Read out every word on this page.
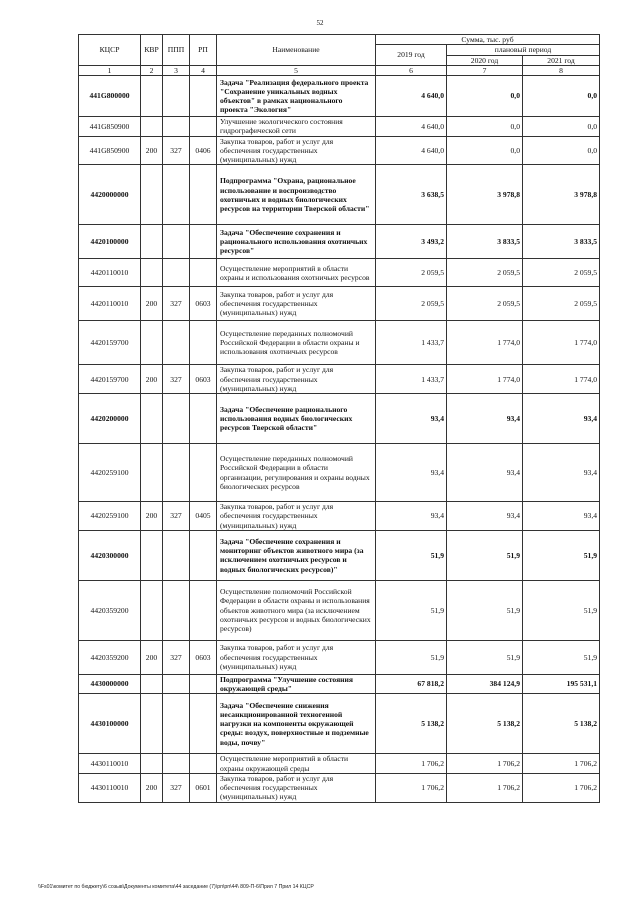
52
КЦСР	КВР	ППП	РП	Наименование	Сумма, тыс. руб		
					2019 год	плановый период	
						2020 год	2021 год
1	2	3	4	5	6	7	8
441G800000				Задача "Реализация федерального проекта "Сохранение уникальных водных объектов" в рамках национального проекта "Экология"	4 640,0	0,0	0,0
441G850900				Улучшение экологического состояния гидрографической сети	4 640,0	0,0	0,0
441G850900	200	327	0406	Закупка товаров, работ и услуг для обеспечения государственных (муниципальных) нужд	4 640,0	0,0	0,0
4420000000				Подпрограмма "Охрана, рациональное использование и воспроизводство охотничьих и водных биологических ресурсов на территории Тверской области"	3 638,5	3 978,8	3 978,8
4420100000				Задача "Обеспечение сохранения и рационального использования охотничьих ресурсов"	3 493,2	3 833,5	3 833,5
4420110010				Осуществление мероприятий в области охраны и использования охотничьих ресурсов	2 059,5	2 059,5	2 059,5
4420110010	200	327	0603	Закупка товаров, работ и услуг для обеспечения государственных (муниципальных) нужд	2 059,5	2 059,5	2 059,5
4420159700				Осуществление переданных полномочий Российской Федерации в области охраны и использования охотничьих ресурсов	1 433,7	1 774,0	1 774,0
4420159700	200	327	0603	Закупка товаров, работ и услуг для обеспечения государственных (муниципальных) нужд	1 433,7	1 774,0	1 774,0
4420200000				Задача "Обеспечение рационального использования водных биологических ресурсов Тверской области"	93,4	93,4	93,4
4420259100				Осуществление переданных полномочий Российской Федерации в области организации, регулирования и охраны водных биологических ресурсов	93,4	93,4	93,4
4420259100	200	327	0405	Закупка товаров, работ и услуг для обеспечения государственных (муниципальных) нужд	93,4	93,4	93,4
4420300000				Задача "Обеспечение сохранения и мониторинг объектов животного мира (за исключением охотничьих ресурсов и водных биологических ресурсов)"	51,9	51,9	51,9
4420359200				Осуществление полномочий Российской Федерации в области охраны и использования объектов животного мира (за исключением охотничьих ресурсов и водных биологических ресурсов)	51,9	51,9	51,9
4420359200	200	327	0603	Закупка товаров, работ и услуг для обеспечения государственных (муниципальных) нужд	51,9	51,9	51,9
4430000000				Подпрограмма "Улучшение состояния окружающей среды"	67 818,2	384 124,9	195 531,1
4430100000				Задача "Обеспечение снижения несанкционированной техногенной нагрузки на компоненты окружающей среды: воздух, поверхностные и подземные воды, почву"	5 138,2	5 138,2	5 138,2
4430110010				Осуществление мероприятий в области охраны окружающей среды	1 706,2	1 706,2	1 706,2
4430110010	200	327	0601	Закупка товаров, работ и услуг для обеспечения государственных (муниципальных) нужд	1 706,2	1 706,2	1 706,2
\\Fs01\комитет по бюджету\6 созыв\Документы комитета\44 заседание (7)\рп\рп\44\ 809-П-6\Прил 7 Прил 14 КЦСР
